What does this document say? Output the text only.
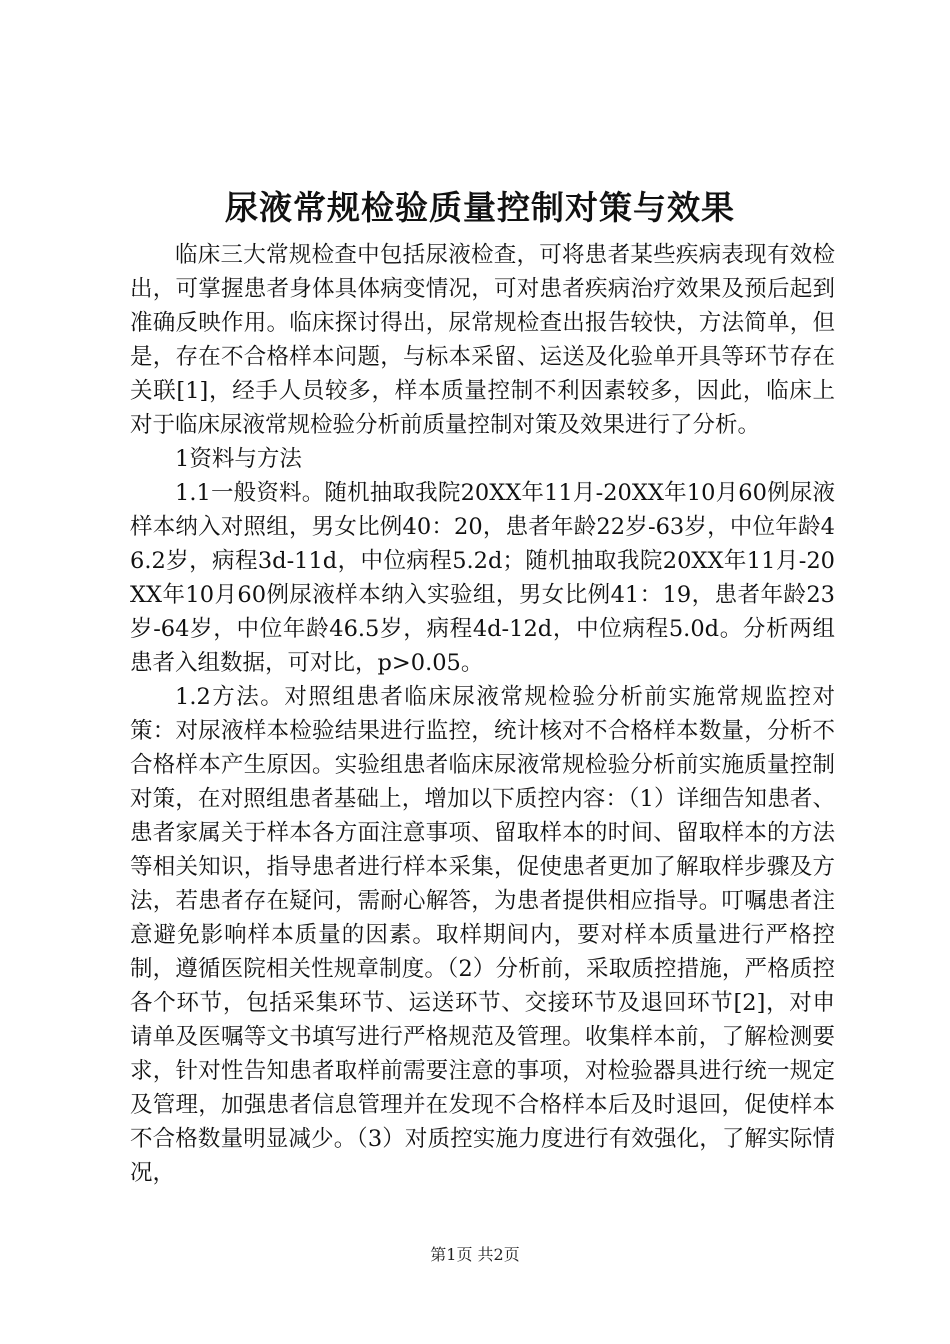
尿液常规检验质量控制对策与效果

临床三大常规检查中包括尿液检查，可将患者某些疾病表现有效检出，可掌握患者身体具体病变情况，可对患者疾病治疗效果及预后起到准确反映作用。临床探讨得出，尿常规检查出报告较快，方法简单，但是，存在不合格样本问题，与标本采留、运送及化验单开具等环节存在关联[1]，经手人员较多，样本质量控制不利因素较多，因此，临床上对于临床尿液常规检验分析前质量控制对策及效果进行了分析。

1资料与方法

1.1一般资料。随机抽取我院20XX年11月-20XX年10月60例尿液样本纳入对照组，男女比例40：20，患者年龄22岁-63岁，中位年龄46.2岁，病程3d-11d，中位病程5.2d；随机抽取我院20XX年11月-20XX年10月60例尿液样本纳入实验组，男女比例41：19，患者年龄23岁-64岁，中位年龄46.5岁，病程4d-12d，中位病程5.0d。分析两组患者入组数据，可对比，p>0.05。

1.2方法。对照组患者临床尿液常规检验分析前实施常规监控对策：对尿液样本检验结果进行监控，统计核对不合格样本数量，分析不合格样本产生原因。实验组患者临床尿液常规检验分析前实施质量控制对策，在对照组患者基础上，增加以下质控内容：（1）详细告知患者、患者家属关于样本各方面注意事项、留取样本的时间、留取样本的方法等相关知识，指导患者进行样本采集，促使患者更加了解取样步骤及方法，若患者存在疑问，需耐心解答，为患者提供相应指导。叮嘱患者注意避免影响样本质量的因素。取样期间内，要对样本质量进行严格控制，遵循医院相关性规章制度。（2）分析前，采取质控措施，严格质控各个环节，包括采集环节、运送环节、交接环节及退回环节[2]，对申请单及医嘱等文书填写进行严格规范及管理。收集样本前，了解检测要求，针对性告知患者取样前需要注意的事项，对检验器具进行统一规定及管理，加强患者信息管理并在发现不合格样本后及时退回，促使样本不合格数量明显减少。（3）对质控实施力度进行有效强化，了解实际情况，

第1页 共2页
